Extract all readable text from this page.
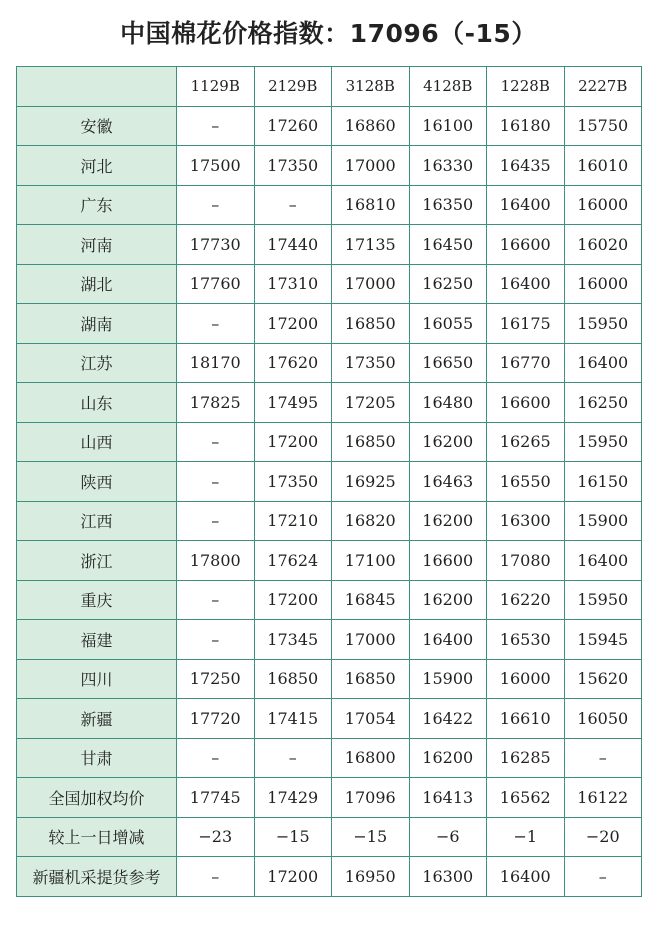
中国棉花价格指数：17096（-15）
	1129B	2129B	3128B	4128B	1228B	2227B
安徽	–	17260	16860	16100	16180	15750
河北	17500	17350	17000	16330	16435	16010
广东	–	–	16810	16350	16400	16000
河南	17730	17440	17135	16450	16600	16020
湖北	17760	17310	17000	16250	16400	16000
湖南	–	17200	16850	16055	16175	15950
江苏	18170	17620	17350	16650	16770	16400
山东	17825	17495	17205	16480	16600	16250
山西	–	17200	16850	16200	16265	15950
陕西	–	17350	16925	16463	16550	16150
江西	–	17210	16820	16200	16300	15900
浙江	17800	17624	17100	16600	17080	16400
重庆	–	17200	16845	16200	16220	15950
福建	–	17345	17000	16400	16530	15945
四川	17250	16850	16850	15900	16000	15620
新疆	17720	17415	17054	16422	16610	16050
甘肃	–	–	16800	16200	16285	–
全国加权均价	17745	17429	17096	16413	16562	16122
较上一日增减	−23	−15	−15	−6	−1	−20
新疆机采提货参考	–	17200	16950	16300	16400	–
